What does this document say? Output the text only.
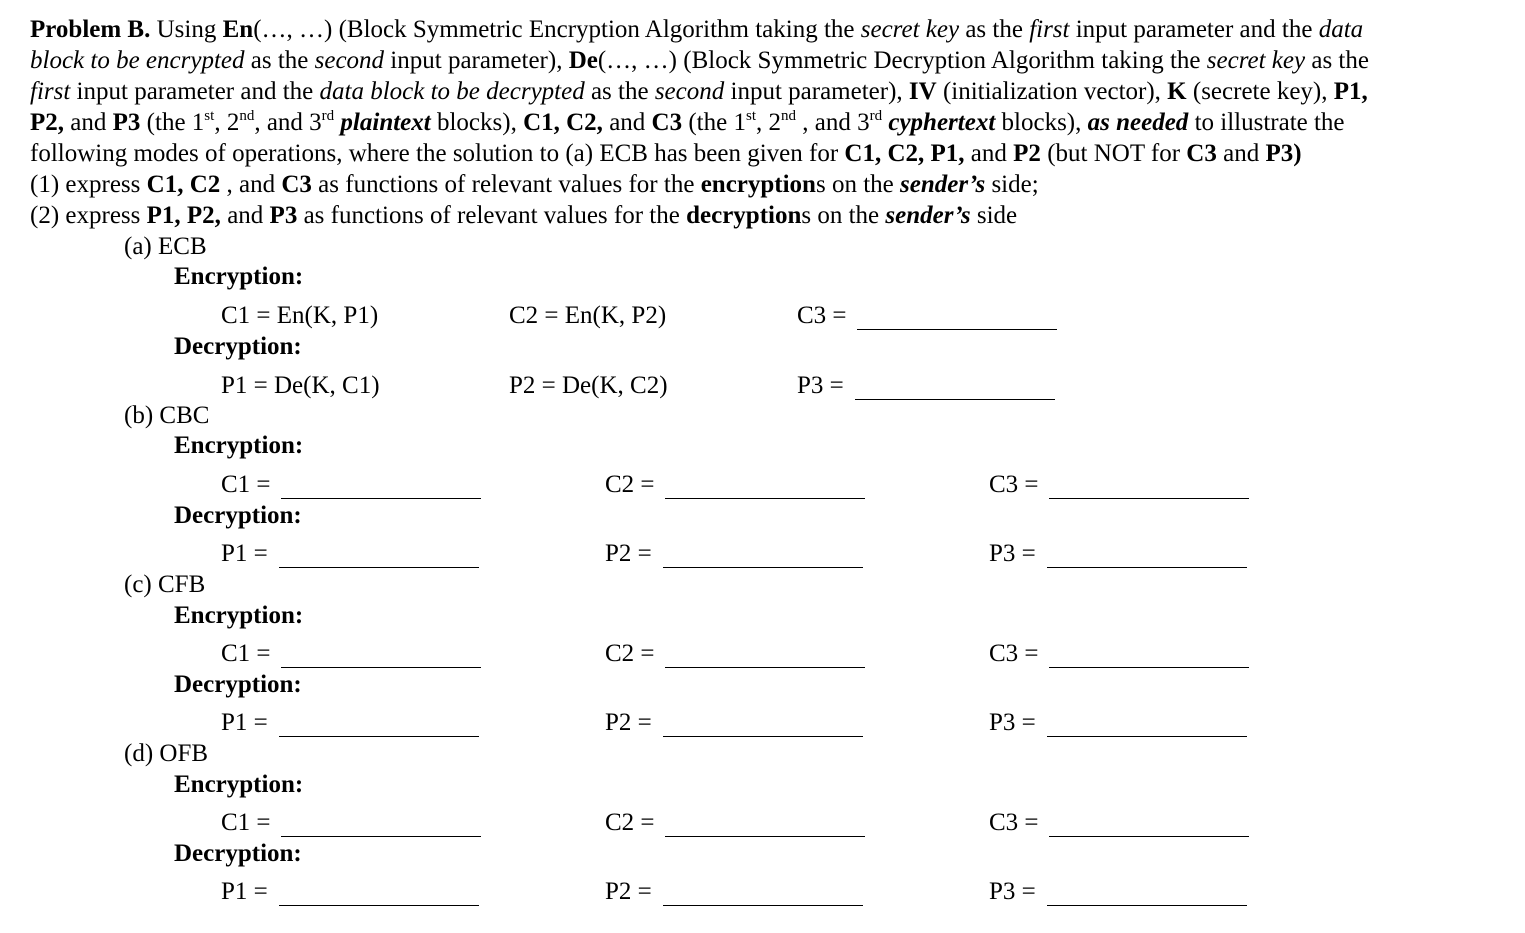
Problem B. Using En(…, …) (Block Symmetric Encryption Algorithm taking the secret key as the first input parameter and the data
block to be encrypted as the second input parameter), De(…, …) (Block Symmetric Decryption Algorithm taking the secret key as the
first input parameter and the data block to be decrypted as the second input parameter), IV (initialization vector), K (secrete key), P1,
P2, and P3 (the 1st, 2nd, and 3rd plaintext blocks), C1, C2, and C3 (the 1st, 2nd , and 3rd cyphertext blocks), as needed to illustrate the
following modes of operations, where the solution to (a) ECB has been given for C1, C2, P1, and P2 (but NOT for C3 and P3)
(1) express C1, C2 , and C3 as functions of relevant values for the encryptions on the sender’s side;
(2) express P1, P2, and P3 as functions of relevant values for the decryptions on the sender’s side
(a) ECB
Encryption:
C1 = En(K, P1)	C2 = En(K, P2)	C3 =
Decryption:
P1 = De(K, C1)	P2 = De(K, C2)	P3 =
(b) CBC
Encryption:
C1 =	C2 =	C3 =
Decryption:
P1 =	P2 =	P3 =
(c) CFB
Encryption:
C1 =	C2 =	C3 =
Decryption:
P1 =	P2 =	P3 =
(d) OFB
Encryption:
C1 =	C2 =	C3 =
Decryption:
P1 =	P2 =	P3 =
